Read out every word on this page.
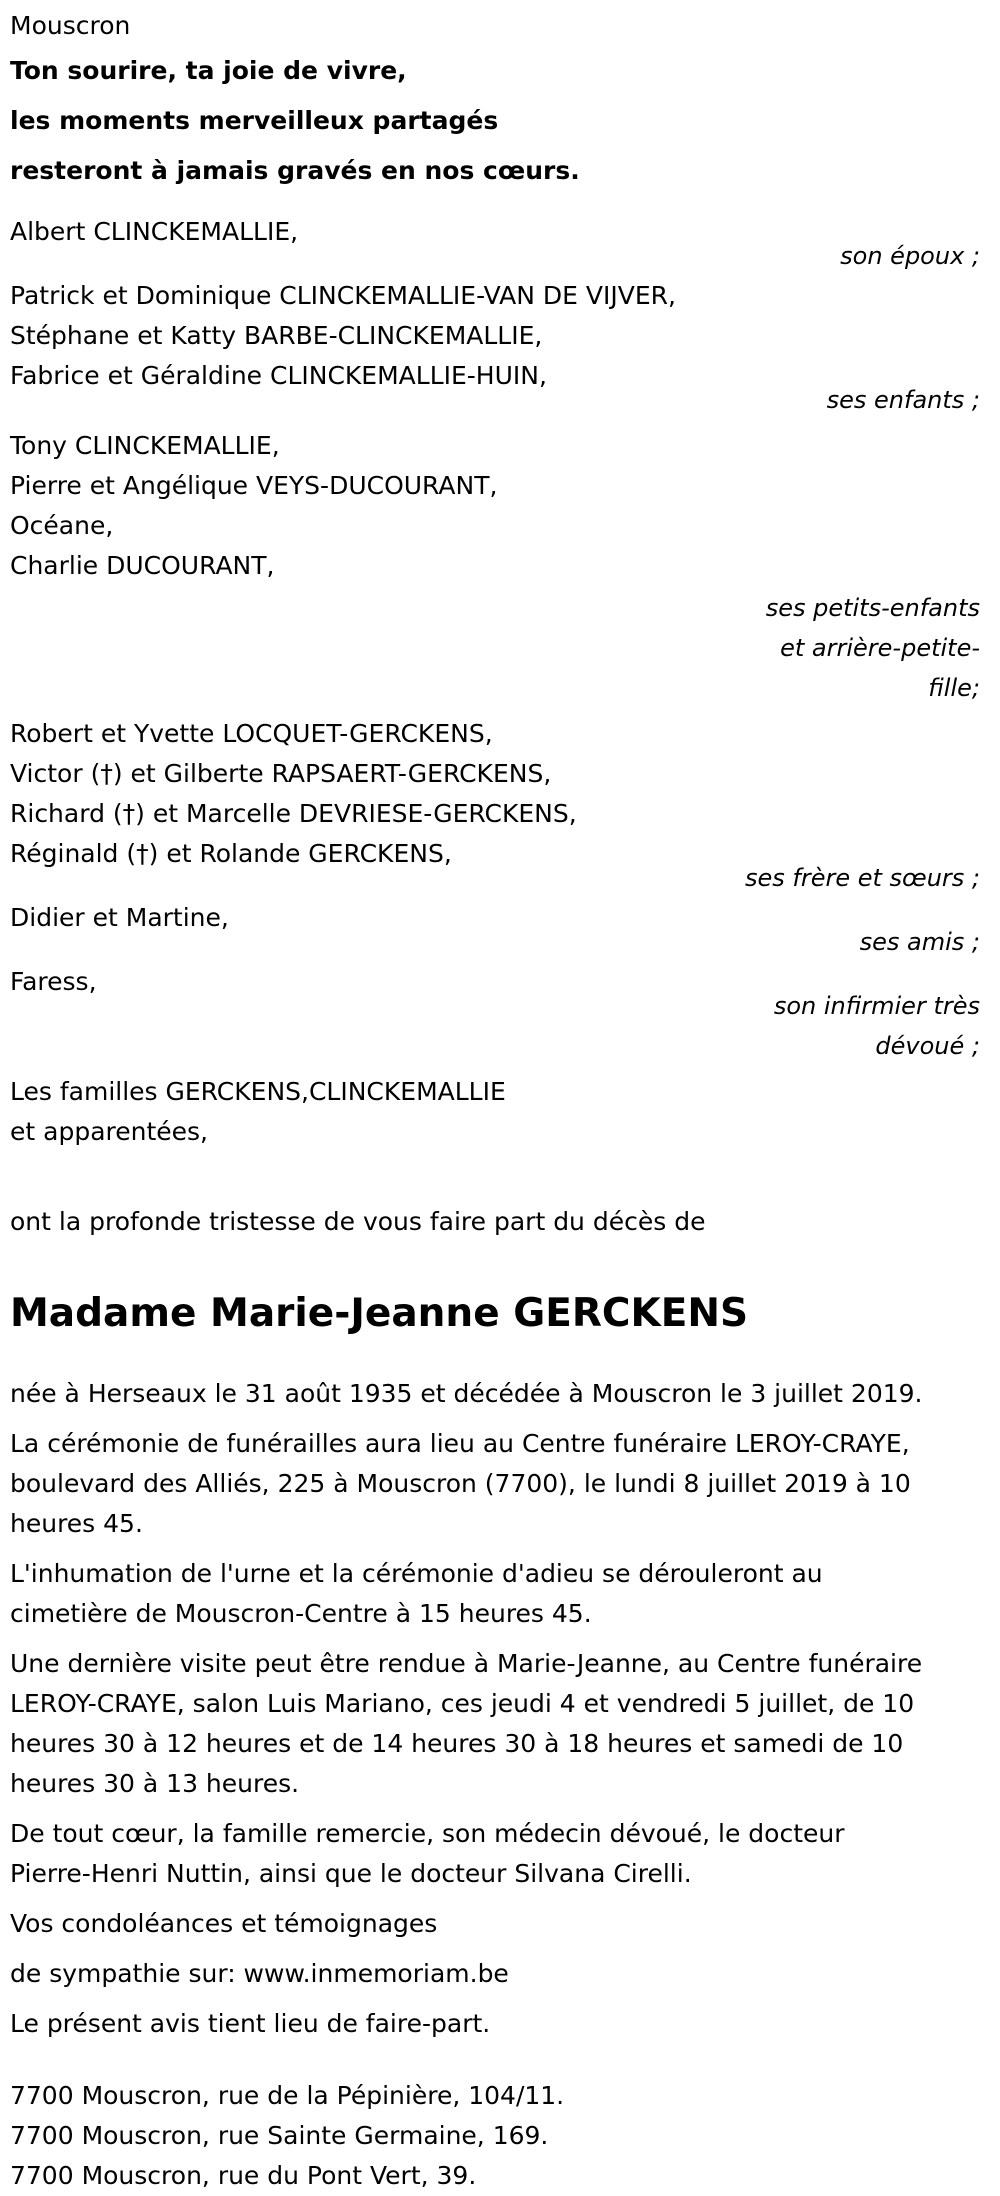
Mouscron
Ton sourire, ta joie de vivre,
les moments merveilleux partagés
resteront à jamais gravés en nos cœurs.
Albert CLINCKEMALLIE,
son époux ;
Patrick et Dominique CLINCKEMALLIE-VAN DE VIJVER,
Stéphane et Katty BARBE-CLINCKEMALLIE,
Fabrice et Géraldine CLINCKEMALLIE-HUIN,
ses enfants ;
Tony CLINCKEMALLIE,
Pierre et Angélique VEYS-DUCOURANT,
Océane,
Charlie DUCOURANT,
ses petits-enfants
et arrière-petite-
fille;
Robert et Yvette LOCQUET-GERCKENS,
Victor (†) et Gilberte RAPSAERT-GERCKENS,
Richard (†) et Marcelle DEVRIESE-GERCKENS,
Réginald (†) et Rolande GERCKENS,
ses frère et sœurs ;
Didier et Martine,
ses amis ;
Faress,
son infirmier très
dévoué ;
Les familles GERCKENS,CLINCKEMALLIE
et apparentées,
ont la profonde tristesse de vous faire part du décès de
Madame Marie-Jeanne GERCKENS
née à Herseaux le 31 août 1935 et décédée à Mouscron le 3 juillet 2019.
La cérémonie de funérailles aura lieu au Centre funéraire LEROY-CRAYE,
boulevard des Alliés, 225 à Mouscron (7700), le lundi 8 juillet 2019 à 10
heures 45.
L'inhumation de l'urne et la cérémonie d'adieu se dérouleront au
cimetière de Mouscron-Centre à 15 heures 45.
Une dernière visite peut être rendue à Marie-Jeanne, au Centre funéraire
LEROY-CRAYE, salon Luis Mariano, ces jeudi 4 et vendredi 5 juillet, de 10
heures 30 à 12 heures et de 14 heures 30 à 18 heures et samedi de 10
heures 30 à 13 heures.
De tout cœur, la famille remercie, son médecin dévoué, le docteur
Pierre-Henri Nuttin, ainsi que le docteur Silvana Cirelli.
Vos condoléances et témoignages
de sympathie sur: www.inmemoriam.be
Le présent avis tient lieu de faire-part.
7700 Mouscron, rue de la Pépinière, 104/11.
7700 Mouscron, rue Sainte Germaine, 169.
7700 Mouscron, rue du Pont Vert, 39.
